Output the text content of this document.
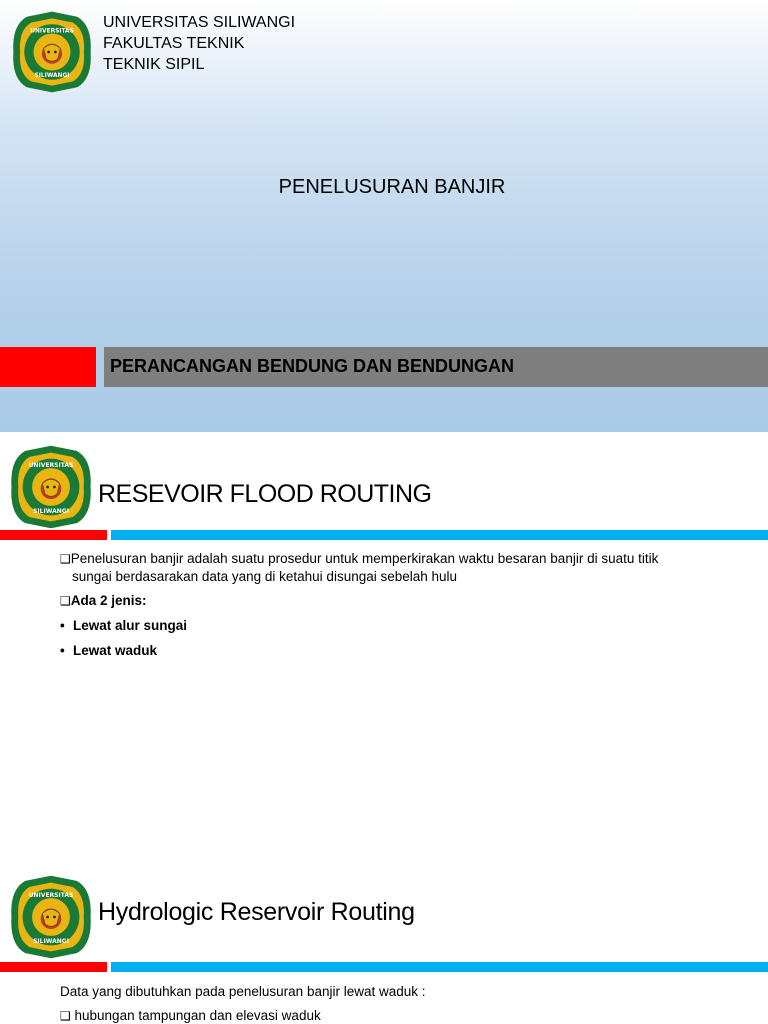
UNIVERSITAS
SILIWANGI
UNIVERSITAS SILIWANGI
FAKULTAS TEKNIK
TEKNIK SIPIL
PENELUSURAN BANJIR
PERANCANGAN BENDUNG DAN BENDUNGAN
UNIVERSITAS
SILIWANGI
RESEVOIR FLOOD ROUTING
❑Penelusuran banjir adalah suatu prosedur untuk memperkirakan waktu besaran banjir di suatu titik
sungai berdasarakan data yang di ketahui disungai sebelah hulu
❑Ada 2 jenis:
• Lewat alur sungai
• Lewat waduk
UNIVERSITAS
SILIWANGI
Hydrologic Reservoir Routing
Data yang dibutuhkan pada penelusuran banjir lewat waduk :
❑ hubungan tampungan dan elevasi waduk
